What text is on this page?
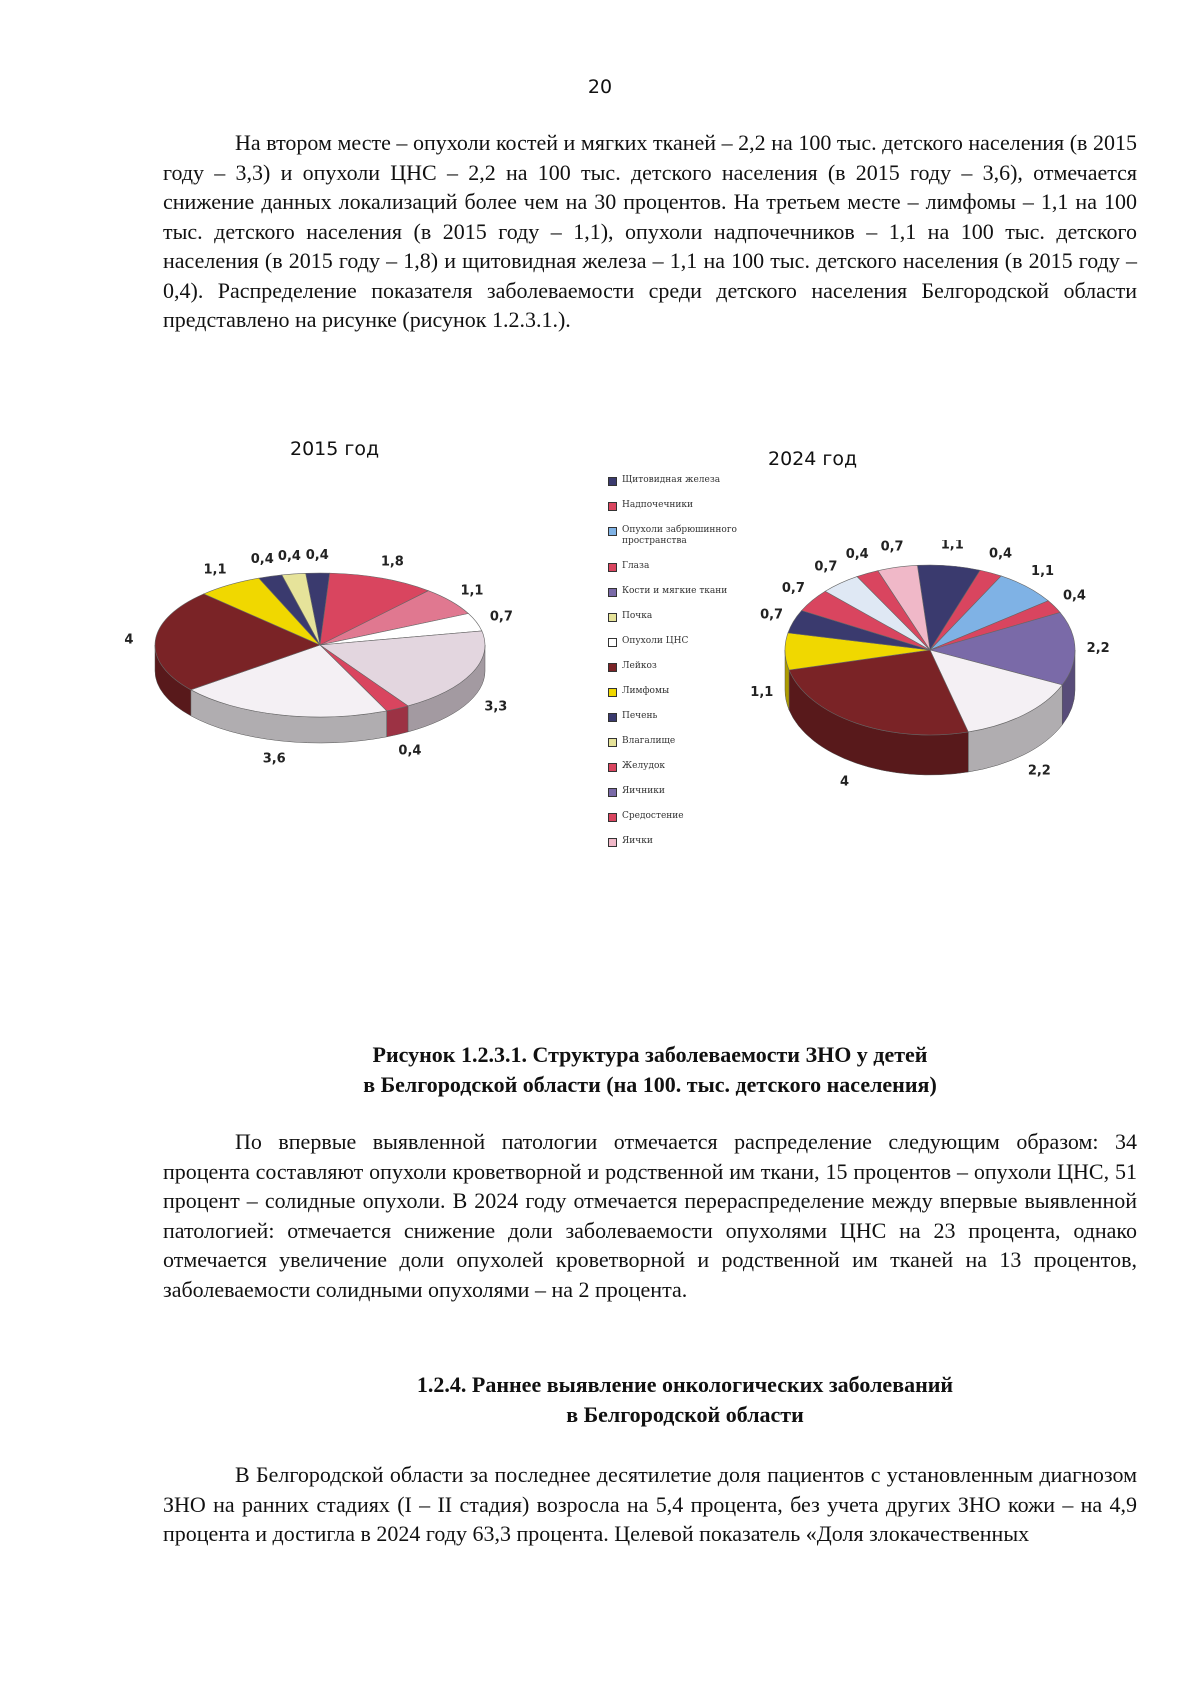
20

На втором месте – опухоли костей и мягких тканей – 2,2 на 100 тыс. детского населения (в 2015 году – 3,3) и опухоли ЦНС – 2,2 на 100 тыс. детского населения (в 2015 году – 3,6), отмечается снижение данных локализаций более чем на 30 процентов. На третьем месте – лимфомы – 1,1 на 100 тыс. детского населения (в 2015 году – 1,1), опухоли надпочечников – 1,1 на 100 тыс. детского населения (в 2015 году – 1,8) и щитовидная железа – 1,1 на 100 тыс. детского населения (в 2015 году – 0,4). Распределение показателя заболеваемости среди детского населения Белгородской области представлено на рисунке (рисунок 1.2.3.1.).

2015 год
0,4	1,8
1,1
0,7
3,3
0,4
3,6
4
1,1
0,4 0,4
2024 год
1,1
0,4
1,1
0,4
2,2
2,2
4
1,1
0,7
0,7
0,7
0,4
0,7
Щитовидная железа
Надпочечники
Опухоли забрюшинного пространства
Глаза
Кости и мягкие ткани
Почка
Опухоли ЦНС
Лейкоз
Лимфомы
Печень
Влагалище
Желудок
Яичники
Средостение
Яички
Рисунок 1.2.3.1. Структура заболеваемости ЗНО у детей
в Белгородской области (на 100. тыс. детского населения)

По впервые выявленной патологии отмечается распределение следующим образом: 34 процента составляют опухоли кроветворной и родственной им ткани, 15 процентов – опухоли ЦНС, 51 процент – солидные опухоли. В 2024 году отмечается перераспределение между впервые выявленной патологией: отмечается снижение доли заболеваемости опухолями ЦНС на 23 процента, однако отмечается увеличение доли опухолей кроветворной и родственной им тканей на 13 процентов, заболеваемости солидными опухолями – на 2 процента.

1.2.4. Раннее выявление онкологических заболеваний
в Белгородской области

В Белгородской области за последнее десятилетие доля пациентов с установленным диагнозом ЗНО на ранних стадиях (I – II стадия) возросла на 5,4 процента, без учета других ЗНО кожи – на 4,9 процента и достигла в 2024 году 63,3 процента. Целевой показатель «Доля злокачественных
